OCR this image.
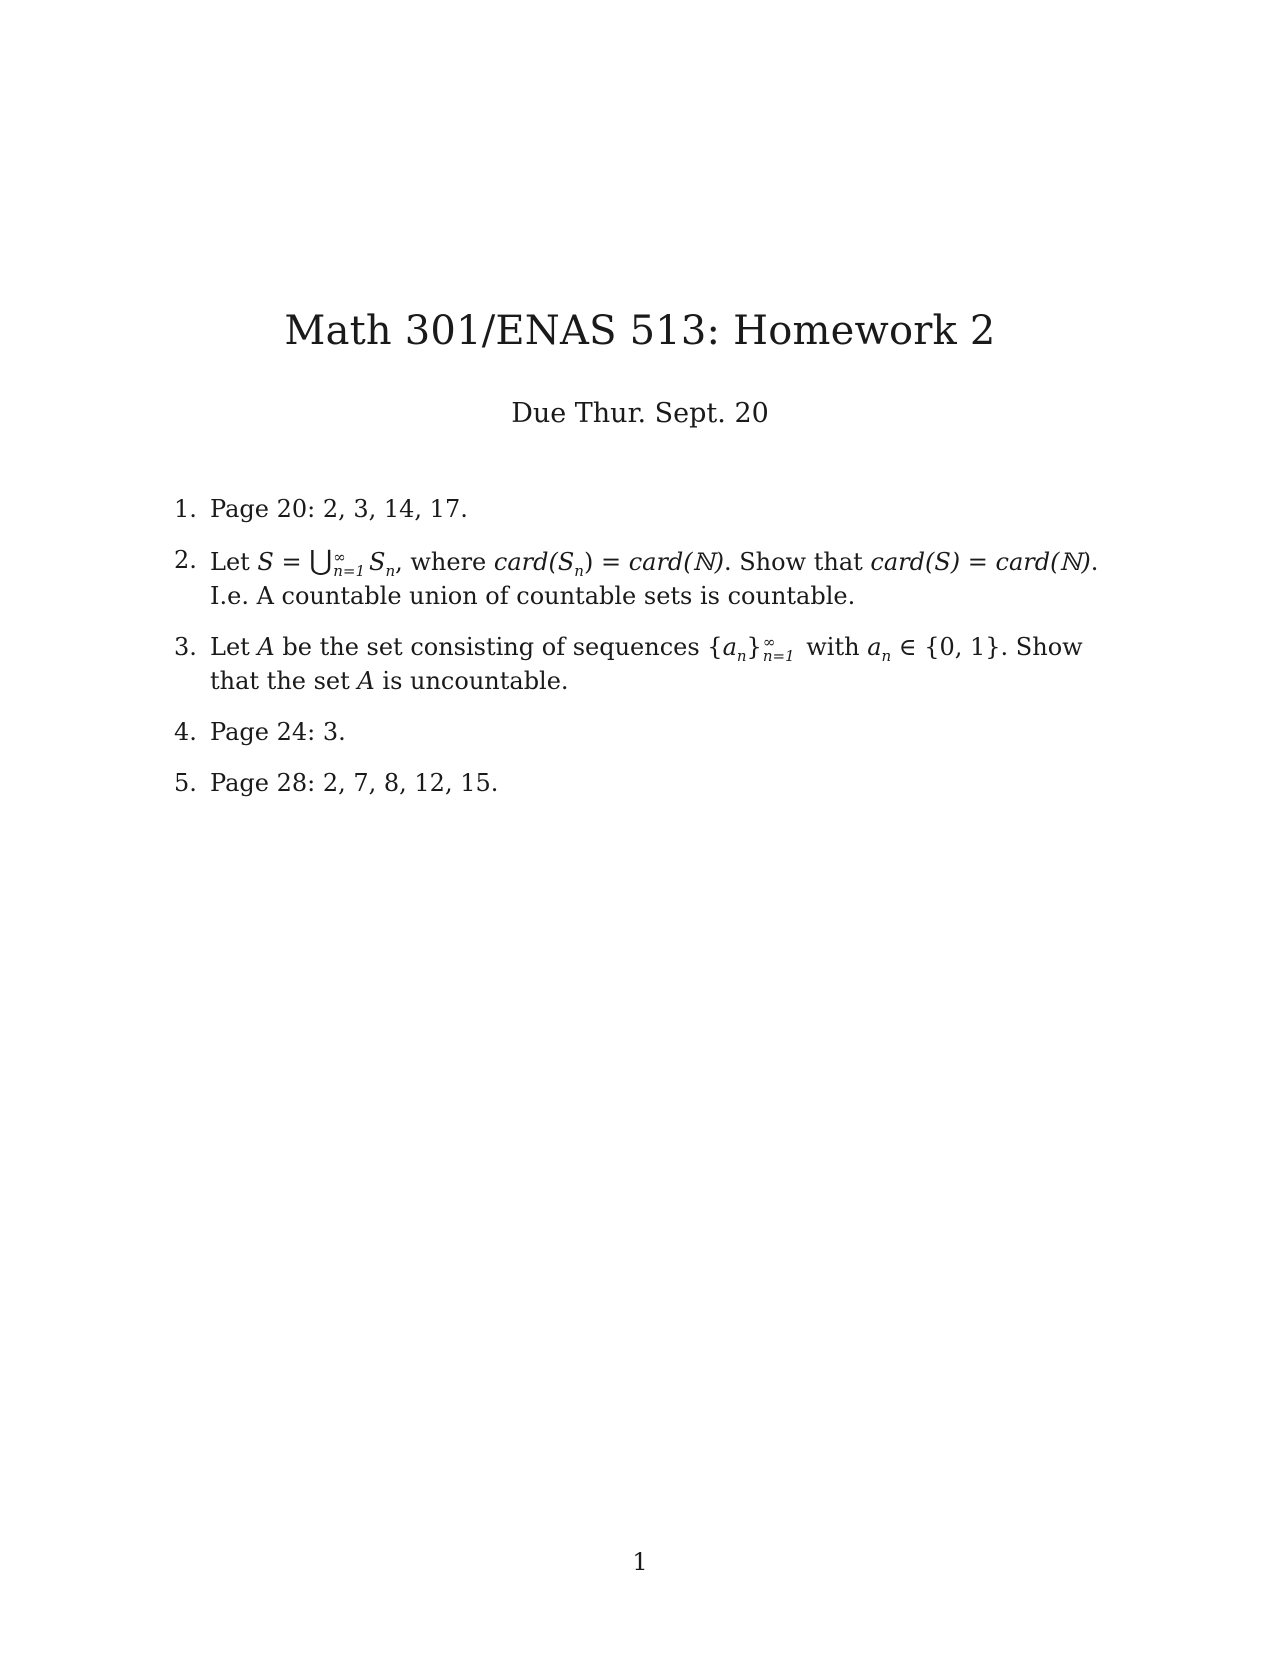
Math 301/ENAS 513: Homework 2
Due Thur. Sept. 20
1. Page 20: 2, 3, 14, 17.
2. Let S = ⋃ ∞
n=1 $S_n$, where $card(S_n)$ = card(ℕ). Show that card(S) = card(ℕ). I.e. A countable union of countable sets is countable.
3. Let A be the set consisting of sequences $\{a_n\}$ ∞
n=1 with $a_n$ ∈ {0, 1}. Show that the set A is uncountable.
4. Page 24: 3.
5. Page 28: 2, 7, 8, 12, 15.
1
